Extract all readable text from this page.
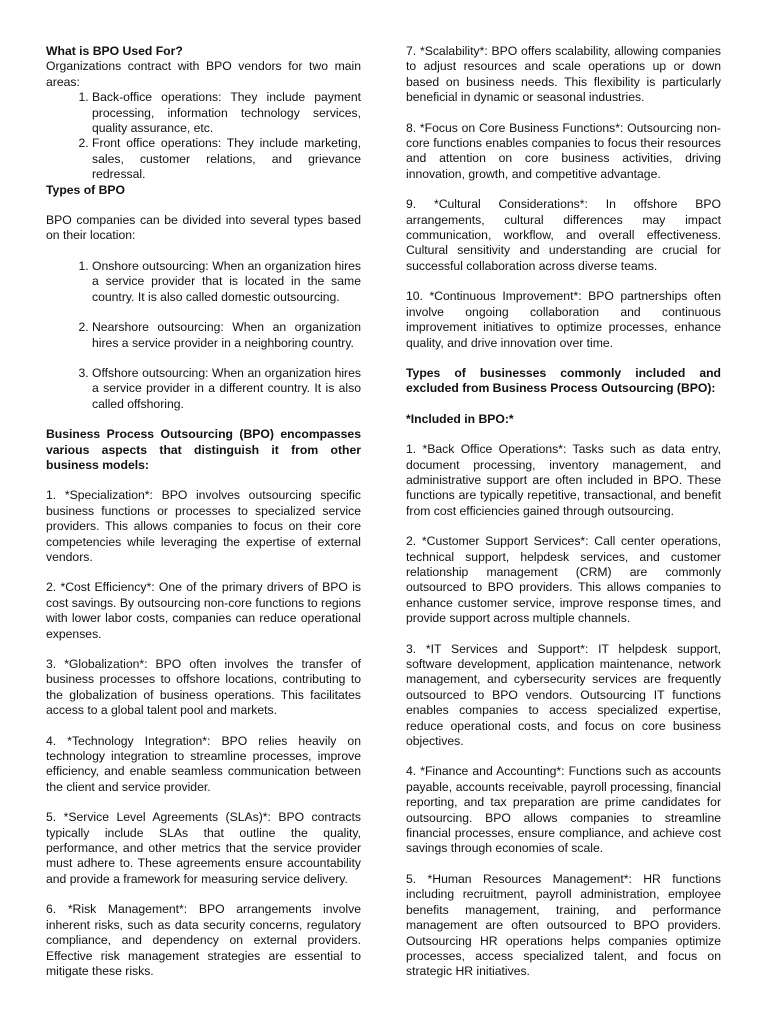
What is BPO Used For?

Organizations contract with BPO vendors for two main areas:

1. Back-office operations: They include payment processing, information technology services, quality assurance, etc.
2. Front office operations: They include marketing, sales, customer relations, and grievance redressal.

Types of BPO

BPO companies can be divided into several types based on their location:

1. Onshore outsourcing: When an organization hires a service provider that is located in the same country. It is also called domestic outsourcing.
2. Nearshore outsourcing: When an organization hires a service provider in a neighboring country.
3. Offshore outsourcing: When an organization hires a service provider in a different country. It is also called offshoring.

Business Process Outsourcing (BPO) encompasses various aspects that distinguish it from other business models:

1. *Specialization*: BPO involves outsourcing specific business functions or processes to specialized service providers. This allows companies to focus on their core competencies while leveraging the expertise of external vendors.

2. *Cost Efficiency*: One of the primary drivers of BPO is cost savings. By outsourcing non-core functions to regions with lower labor costs, companies can reduce operational expenses.

3. *Globalization*: BPO often involves the transfer of business processes to offshore locations, contributing to the globalization of business operations. This facilitates access to a global talent pool and markets.

4. *Technology Integration*: BPO relies heavily on technology integration to streamline processes, improve efficiency, and enable seamless communication between the client and service provider.

5. *Service Level Agreements (SLAs)*: BPO contracts typically include SLAs that outline the quality, performance, and other metrics that the service provider must adhere to. These agreements ensure accountability and provide a framework for measuring service delivery.

6. *Risk Management*: BPO arrangements involve inherent risks, such as data security concerns, regulatory compliance, and dependency on external providers. Effective risk management strategies are essential to mitigate these risks.

7. *Scalability*: BPO offers scalability, allowing companies to adjust resources and scale operations up or down based on business needs. This flexibility is particularly beneficial in dynamic or seasonal industries.

8. *Focus on Core Business Functions*: Outsourcing non-core functions enables companies to focus their resources and attention on core business activities, driving innovation, growth, and competitive advantage.

9. *Cultural Considerations*: In offshore BPO arrangements, cultural differences may impact communication, workflow, and overall effectiveness. Cultural sensitivity and understanding are crucial for successful collaboration across diverse teams.

10. *Continuous Improvement*: BPO partnerships often involve ongoing collaboration and continuous improvement initiatives to optimize processes, enhance quality, and drive innovation over time.

Types of businesses commonly included and excluded from Business Process Outsourcing (BPO):

*Included in BPO:*

1. *Back Office Operations*: Tasks such as data entry, document processing, inventory management, and administrative support are often included in BPO. These functions are typically repetitive, transactional, and benefit from cost efficiencies gained through outsourcing.

2. *Customer Support Services*: Call center operations, technical support, helpdesk services, and customer relationship management (CRM) are commonly outsourced to BPO providers. This allows companies to enhance customer service, improve response times, and provide support across multiple channels.

3. *IT Services and Support*: IT helpdesk support, software development, application maintenance, network management, and cybersecurity services are frequently outsourced to BPO vendors. Outsourcing IT functions enables companies to access specialized expertise, reduce operational costs, and focus on core business objectives.

4. *Finance and Accounting*: Functions such as accounts payable, accounts receivable, payroll processing, financial reporting, and tax preparation are prime candidates for outsourcing. BPO allows companies to streamline financial processes, ensure compliance, and achieve cost savings through economies of scale.

5. *Human Resources Management*: HR functions including recruitment, payroll administration, employee benefits management, training, and performance management are often outsourced to BPO providers. Outsourcing HR operations helps companies optimize processes, access specialized talent, and focus on strategic HR initiatives.
